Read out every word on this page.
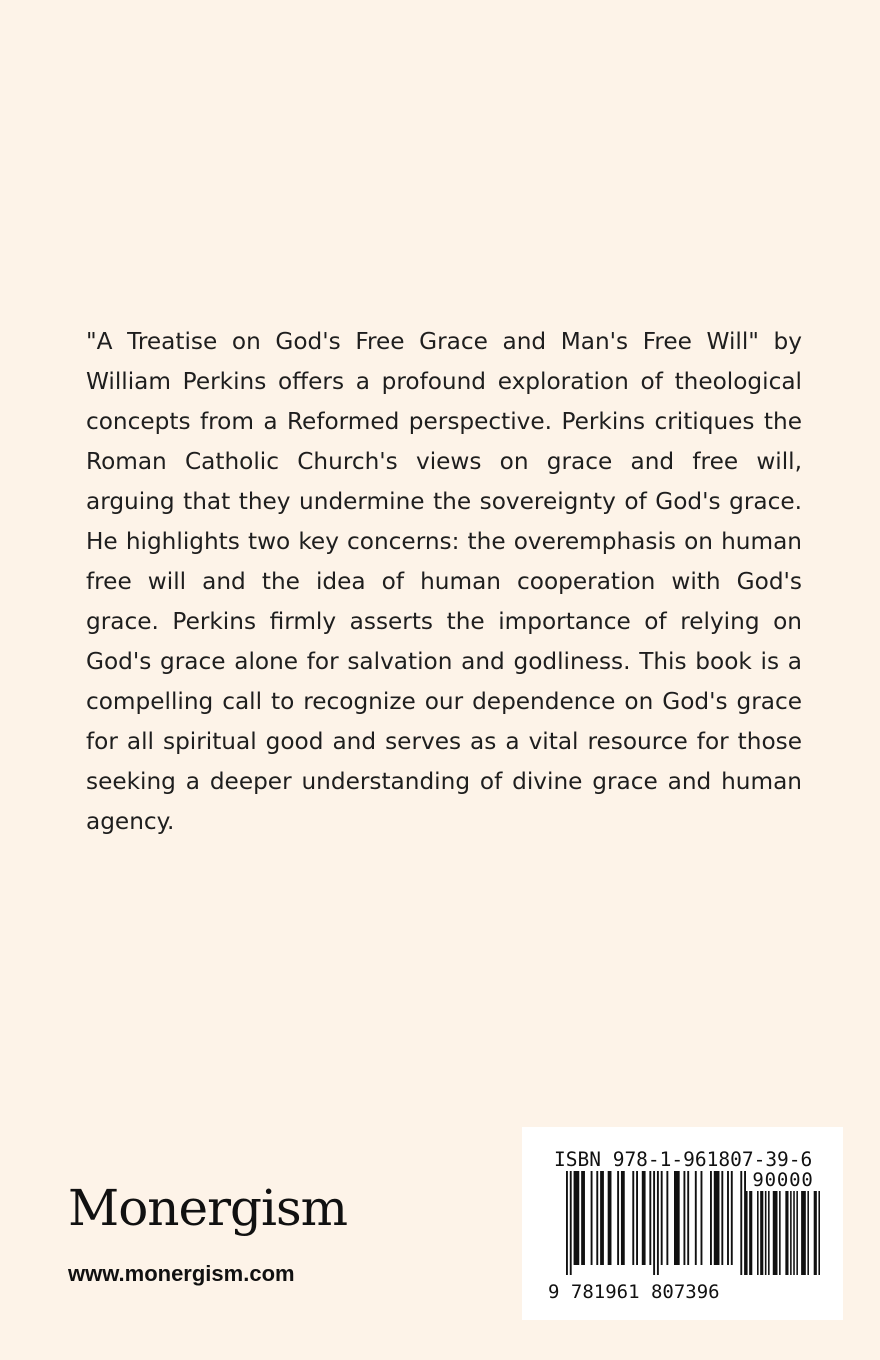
"A Treatise on God's Free Grace and Man's Free Will" by William Perkins offers a profound exploration of theological concepts from a Reformed perspective. Perkins critiques the Roman Catholic Church's views on grace and free will, arguing that they undermine the sovereignty of God's grace. He highlights two key concerns: the overemphasis on human free will and the idea of human cooperation with God's grace. Perkins firmly asserts the importance of relying on God's grace alone for salvation and godliness. This book is a compelling call to recognize our dependence on God's grace for all spiritual good and serves as a vital resource for those seeking a deeper understanding of divine grace and human agency.

Monergism
www.monergism.com
ISBN 978-1-961807-39-6
90000
9 781961 807396
